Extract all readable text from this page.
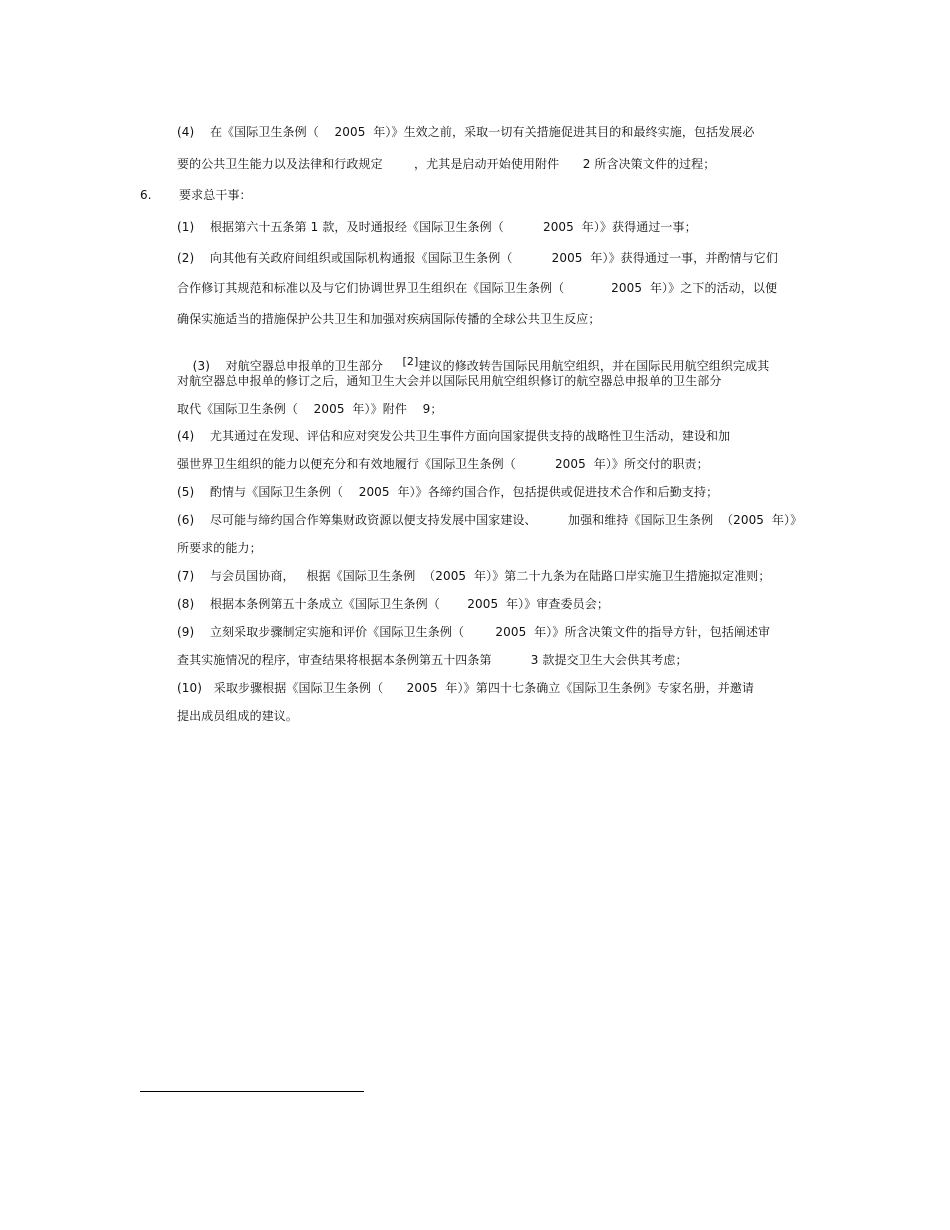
(4)    在《国际卫生条例（    2005  年）》生效之前，采取一切有关措施促进其目的和最终实施，包括发展必
要的公共卫生能力以及法律和行政规定        ，尤其是启动开始使用附件      2 所含决策文件的过程；
6.       要求总干事：
(1)    根据第六十五条第 1 款，及时通报经《国际卫生条例（          2005  年）》获得通过一事；
(2)    向其他有关政府间组织或国际机构通报《国际卫生条例（          2005  年）》获得通过一事，并酌情与它们
合作修订其规范和标准以及与它们协调世界卫生组织在《国际卫生条例（            2005  年）》之下的活动，以便
确保实施适当的措施保护公共卫生和加强对疾病国际传播的全球公共卫生反应；

(3)    对航空器总申报单的卫生部分     [2]建议的修改转告国际民用航空组织，并在国际民用航空组织完成其

对航空器总申报单的修订之后，通知卫生大会并以国际民用航空组织修订的航空器总申报单的卫生部分
取代《国际卫生条例（    2005  年）》附件    9；
(4)    尤其通过在发现、评估和应对突发公共卫生事件方面向国家提供支持的战略性卫生活动，建设和加
强世界卫生组织的能力以便充分和有效地履行《国际卫生条例（          2005  年）》所交付的职责；
(5)    酌情与《国际卫生条例（    2005  年）》各缔约国合作，包括提供或促进技术合作和后勤支持；
(6)    尽可能与缔约国合作筹集财政资源以便支持发展中国家建设、        加强和维持《国际卫生条例  （2005  年）》
所要求的能力；
(7)    与会员国协商，   根据《国际卫生条例  （2005  年）》第二十九条为在陆路口岸实施卫生措施拟定准则；
(8)    根据本条例第五十条成立《国际卫生条例（       2005  年）》审查委员会；
(9)    立刻采取步骤制定实施和评价《国际卫生条例（        2005  年）》所含决策文件的指导方针，包括阐述审
查其实施情况的程序，审查结果将根据本条例第五十四条第          3 款提交卫生大会供其考虑；
(10)   采取步骤根据《国际卫生条例（      2005  年）》第四十七条确立《国际卫生条例》专家名册，并邀请
提出成员组成的建议。
